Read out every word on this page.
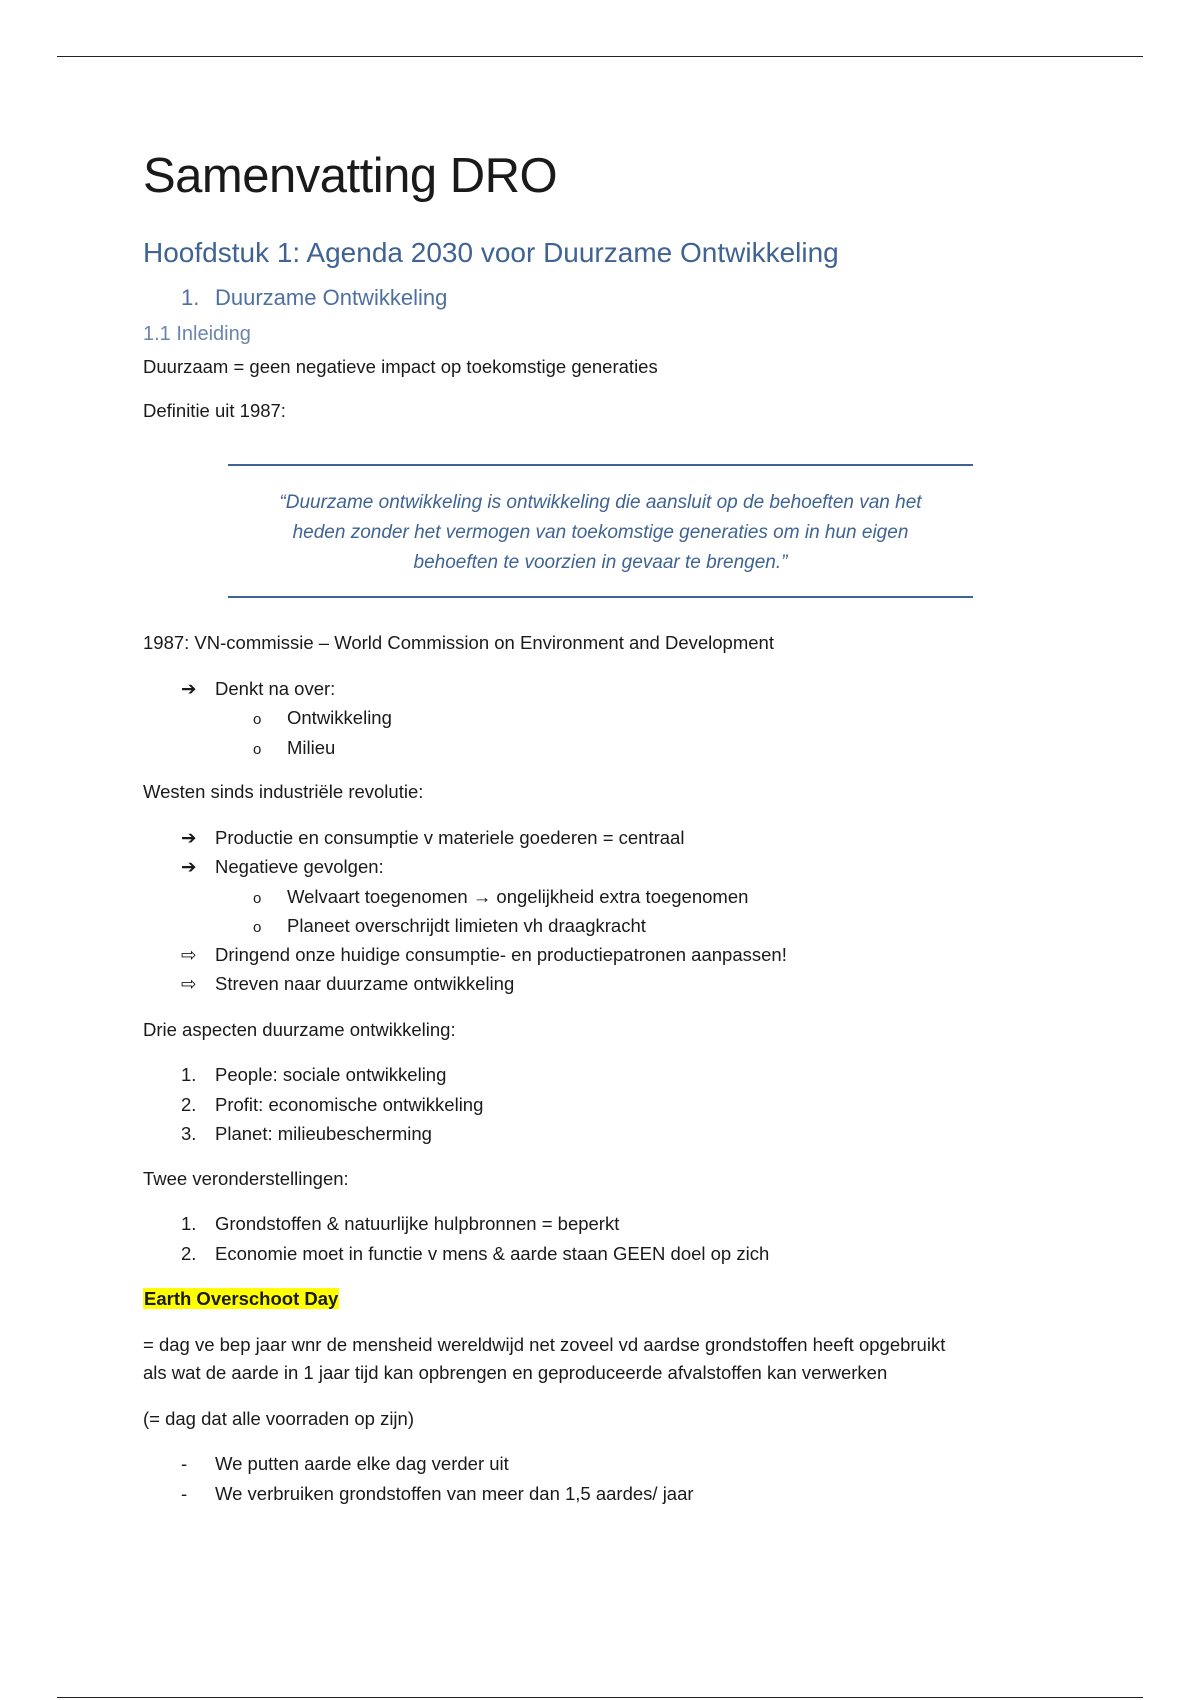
Samenvatting DRO
Hoofdstuk 1: Agenda 2030 voor Duurzame Ontwikkeling
1. Duurzame Ontwikkeling
1.1 Inleiding
Duurzaam = geen negatieve impact op toekomstige generaties
Definitie uit 1987:
“Duurzame ontwikkeling is ontwikkeling die aansluit op de behoeften van het
heden zonder het vermogen van toekomstige generaties om in hun eigen
behoeften te voorzien in gevaar te brengen.”
1987: VN-commissie – World Commission on Environment and Development
➔ Denkt na over:
o Ontwikkeling
o Milieu
Westen sinds industriële revolutie:
➔ Productie en consumptie v materiele goederen = centraal
➔ Negatieve gevolgen:
o Welvaart toegenomen → ongelijkheid extra toegenomen
o Planeet overschrijdt limieten vh draagkracht
⇨ Dringend onze huidige consumptie- en productiepatronen aanpassen!
⇨ Streven naar duurzame ontwikkeling
Drie aspecten duurzame ontwikkeling:
1. People: sociale ontwikkeling
2. Profit: economische ontwikkeling
3. Planet: milieubescherming
Twee veronderstellingen:
1. Grondstoffen & natuurlijke hulpbronnen = beperkt
2. Economie moet in functie v mens & aarde staan GEEN doel op zich
Earth Overschoot Day
= dag ve bep jaar wnr de mensheid wereldwijd net zoveel vd aardse grondstoffen heeft opgebruikt
als wat de aarde in 1 jaar tijd kan opbrengen en geproduceerde afvalstoffen kan verwerken
(= dag dat alle voorraden op zijn)
- We putten aarde elke dag verder uit
- We verbruiken grondstoffen van meer dan 1,5 aardes/ jaar
